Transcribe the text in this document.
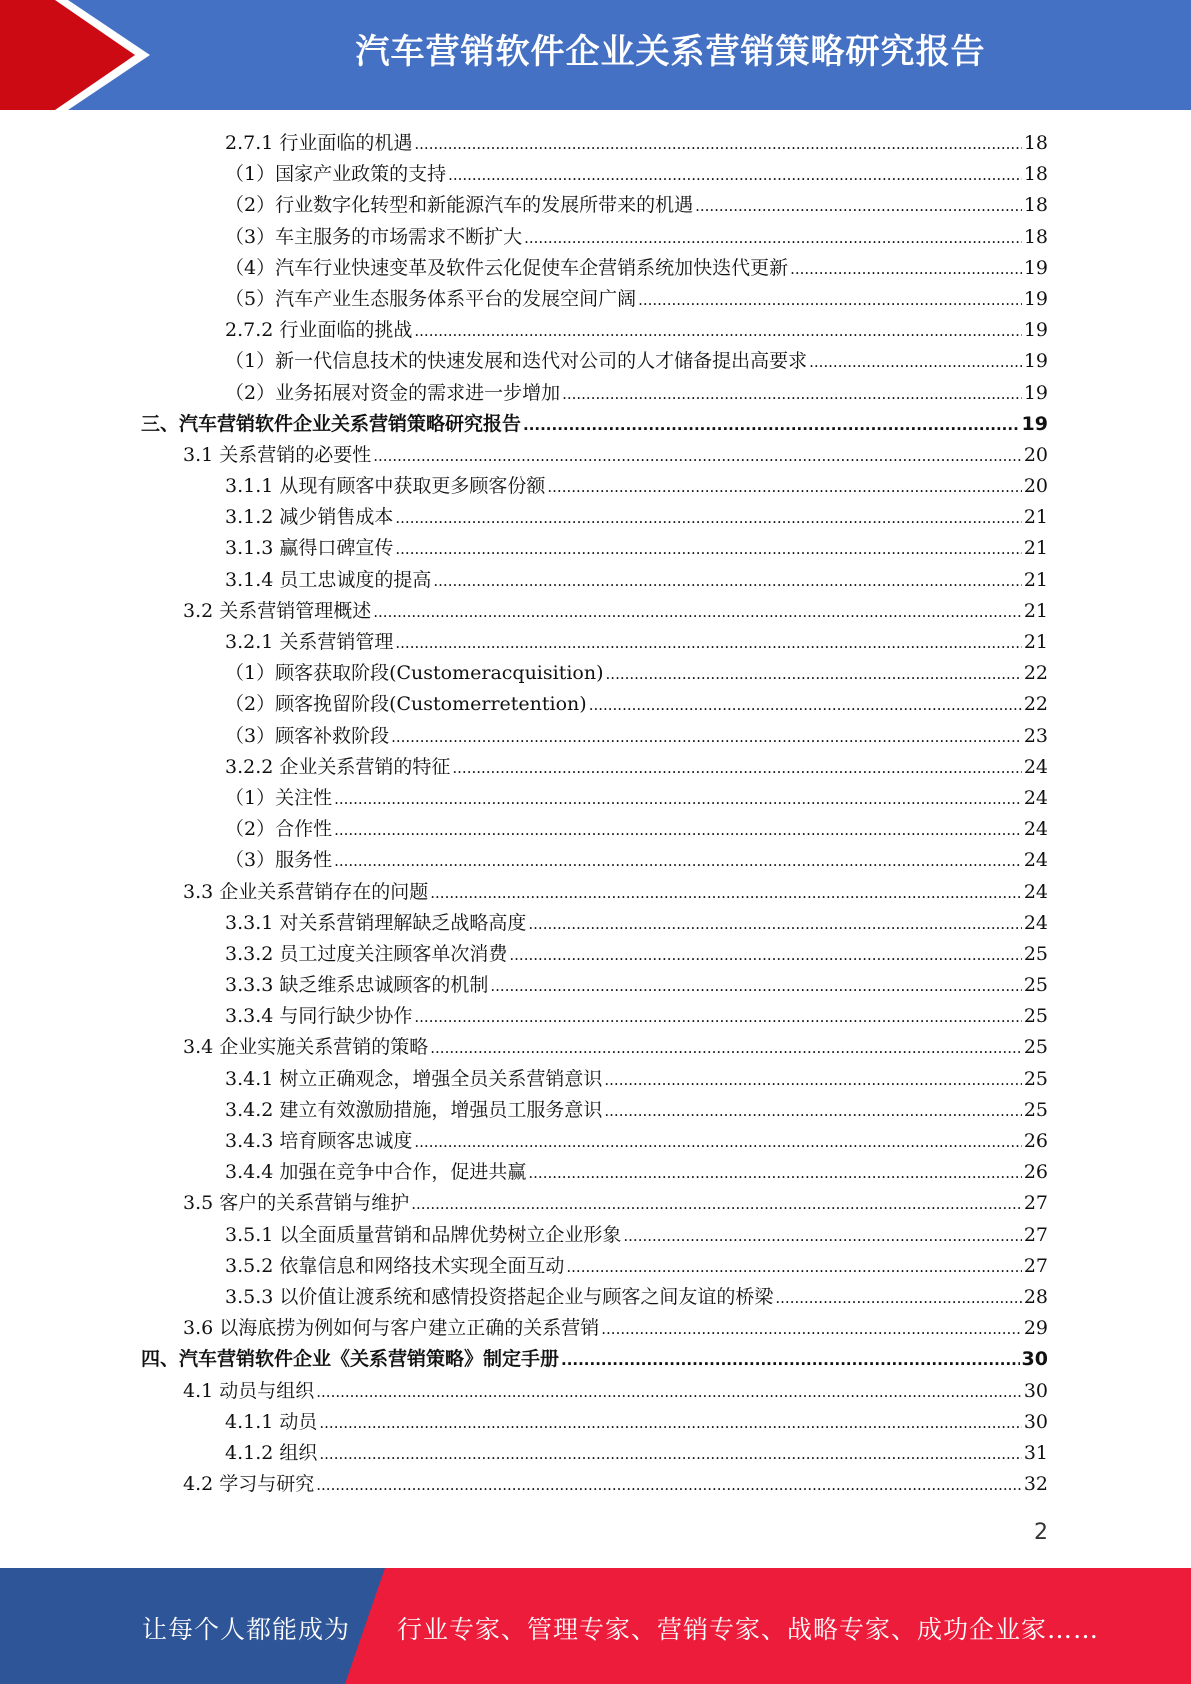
汽车营销软件企业关系营销策略研究报告
2.7.1 行业面临的机遇 .....	18
（1）国家产业政策的支持 .....	18
（2）行业数字化转型和新能源汽车的发展所带来的机遇 .....	18
（3）车主服务的市场需求不断扩大 .....	18
（4）汽车行业快速变革及软件云化促使车企营销系统加快迭代更新 .....	19
（5）汽车产业生态服务体系平台的发展空间广阔 .....	19
2.7.2 行业面临的挑战 .....	19
（1）新一代信息技术的快速发展和迭代对公司的人才储备提出高要求 .....	19
（2）业务拓展对资金的需求进一步增加 .....	19
三、汽车营销软件企业关系营销策略研究报告 .....	19
3.1 关系营销的必要性 .....	20
3.1.1 从现有顾客中获取更多顾客份额 .....	20
3.1.2 减少销售成本 .....	21
3.1.3 赢得口碑宣传 .....	21
3.1.4 员工忠诚度的提高 .....	21
3.2 关系营销管理概述 .....	21
3.2.1 关系营销管理 .....	21
（1）顾客获取阶段(Customeracquisition) .....	22
（2）顾客挽留阶段(Customerretention) .....	22
（3）顾客补救阶段 .....	23
3.2.2 企业关系营销的特征 .....	24
（1）关注性 .....	24
（2）合作性 .....	24
（3）服务性 .....	24
3.3 企业关系营销存在的问题 .....	24
3.3.1 对关系营销理解缺乏战略高度 .....	24
3.3.2 员工过度关注顾客单次消费 .....	25
3.3.3 缺乏维系忠诚顾客的机制 .....	25
3.3.4 与同行缺少协作 .....	25
3.4 企业实施关系营销的策略 .....	25
3.4.1 树立正确观念，增强全员关系营销意识 .....	25
3.4.2 建立有效激励措施，增强员工服务意识 .....	25
3.4.3 培育顾客忠诚度 .....	26
3.4.4 加强在竞争中合作，促进共赢 .....	26
3.5 客户的关系营销与维护 .....	27
3.5.1 以全面质量营销和品牌优势树立企业形象 .....	27
3.5.2 依靠信息和网络技术实现全面互动 .....	27
3.5.3 以价值让渡系统和感情投资搭起企业与顾客之间友谊的桥梁 .....	28
3.6 以海底捞为例如何与客户建立正确的关系营销 .....	29
四、汽车营销软件企业《关系营销策略》制定手册 .....	30
4.1 动员与组织 .....	30
4.1.1 动员 .....	30
4.1.2 组织 .....	31
4.2 学习与研究 .....	32
2
让每个人都能成为 行业专家、管理专家、营销专家、战略专家、成功企业家……
